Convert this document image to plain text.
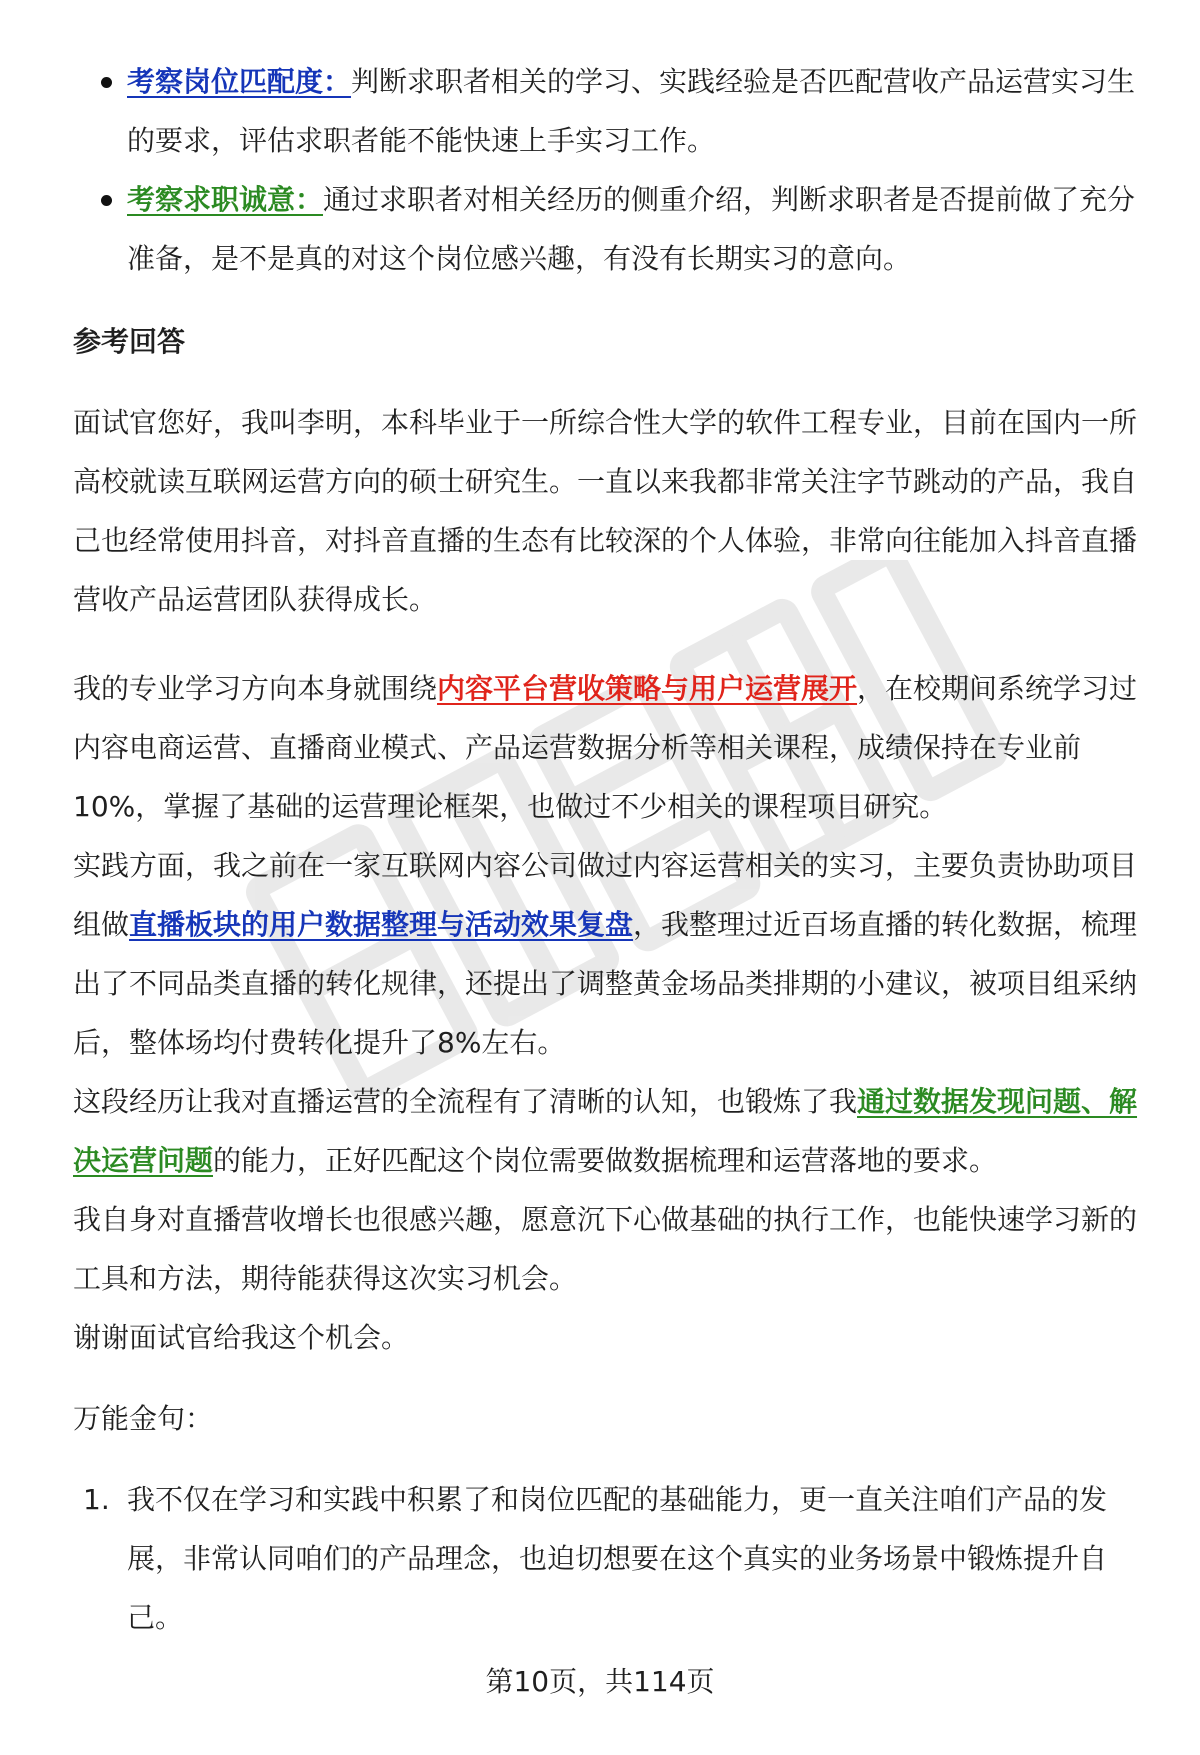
考察岗位匹配度：判断求职者相关的学习、实践经验是否匹配营收产品运营实习生的要求，评估求职者能不能快速上手实习工作。
考察求职诚意：通过求职者对相关经历的侧重介绍，判断求职者是否提前做了充分准备，是不是真的对这个岗位感兴趣，有没有长期实习的意向。
参考回答

面试官您好，我叫李明，本科毕业于一所综合性大学的软件工程专业，目前在国内一所高校就读互联网运营方向的硕士研究生。一直以来我都非常关注字节跳动的产品，我自己也经常使用抖音，对抖音直播的生态有比较深的个人体验，非常向往能加入抖音直播营收产品运营团队获得成长。

我的专业学习方向本身就围绕内容平台营收策略与用户运营展开，在校期间系统学习过内容电商运营、直播商业模式、产品运营数据分析等相关课程，成绩保持在专业前10%，掌握了基础的运营理论框架，也做过不少相关的课程项目研究。

实践方面，我之前在一家互联网内容公司做过内容运营相关的实习，主要负责协助项目组做直播板块的用户数据整理与活动效果复盘，我整理过近百场直播的转化数据，梳理出了不同品类直播的转化规律，还提出了调整黄金场品类排期的小建议，被项目组采纳后，整体场均付费转化提升了8%左右。

这段经历让我对直播运营的全流程有了清晰的认知，也锻炼了我通过数据发现问题、解决运营问题的能力，正好匹配这个岗位需要做数据梳理和运营落地的要求。

我自身对直播营收增长也很感兴趣，愿意沉下心做基础的执行工作，也能快速学习新的工具和方法，期待能获得这次实习机会。

谢谢面试官给我这个机会。

万能金句：

1. 我不仅在学习和实践中积累了和岗位匹配的基础能力，更一直关注咱们产品的发展，非常认同咱们的产品理念，也迫切想要在这个真实的业务场景中锻炼提升自己。
第10页，共114页
